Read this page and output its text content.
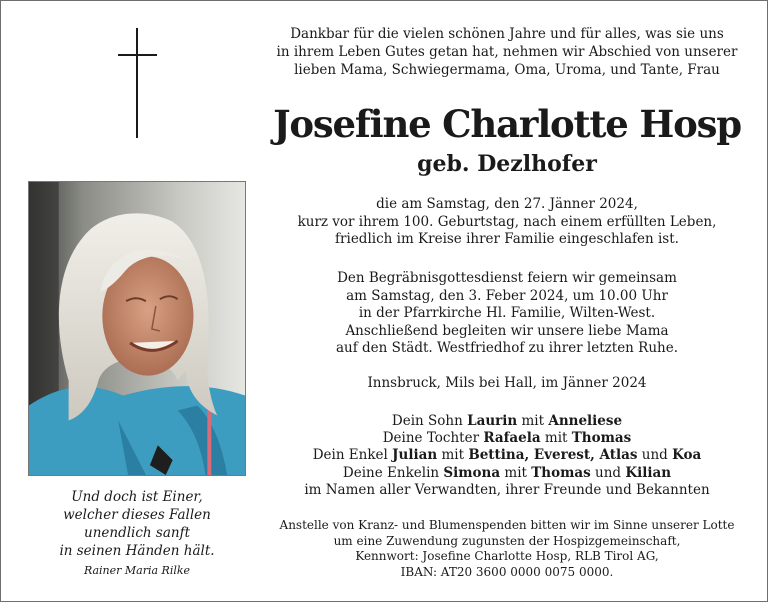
Dankbar für die vielen schönen Jahre und für alles, was sie uns
in ihrem Leben Gutes getan hat, nehmen wir Abschied von unserer
lieben Mama, Schwiegermama, Oma, Uroma, und Tante, Frau
Josefine Charlotte Hosp
geb. Dezlhofer
die am Samstag, den 27. Jänner 2024,
kurz vor ihrem 100. Geburtstag, nach einem erfüllten Leben,
friedlich im Kreise ihrer Familie eingeschlafen ist.
Den Begräbnisgottesdienst feiern wir gemeinsam
am Samstag, den 3. Feber 2024, um 10.00 Uhr
in der Pfarrkirche Hl. Familie, Wilten-West.
Anschließend begleiten wir unsere liebe Mama
auf den Städt. Westfriedhof zu ihrer letzten Ruhe.
Innsbruck, Mils bei Hall, im Jänner 2024
Dein Sohn Laurin mit Anneliese
Deine Tochter Rafaela mit Thomas
Dein Enkel Julian mit Bettina, Everest, Atlas und Koa
Deine Enkelin Simona mit Thomas und Kilian
im Namen aller Verwandten, ihrer Freunde und Bekannten
Anstelle von Kranz- und Blumenspenden bitten wir im Sinne unserer Lotte
um eine Zuwendung zugunsten der Hospizgemeinschaft,
Kennwort: Josefine Charlotte Hosp, RLB Tirol AG,
IBAN: AT20 3600 0000 0075 0000.
Und doch ist Einer,
welcher dieses Fallen
unendlich sanft
in seinen Händen hält.
Rainer Maria Rilke
